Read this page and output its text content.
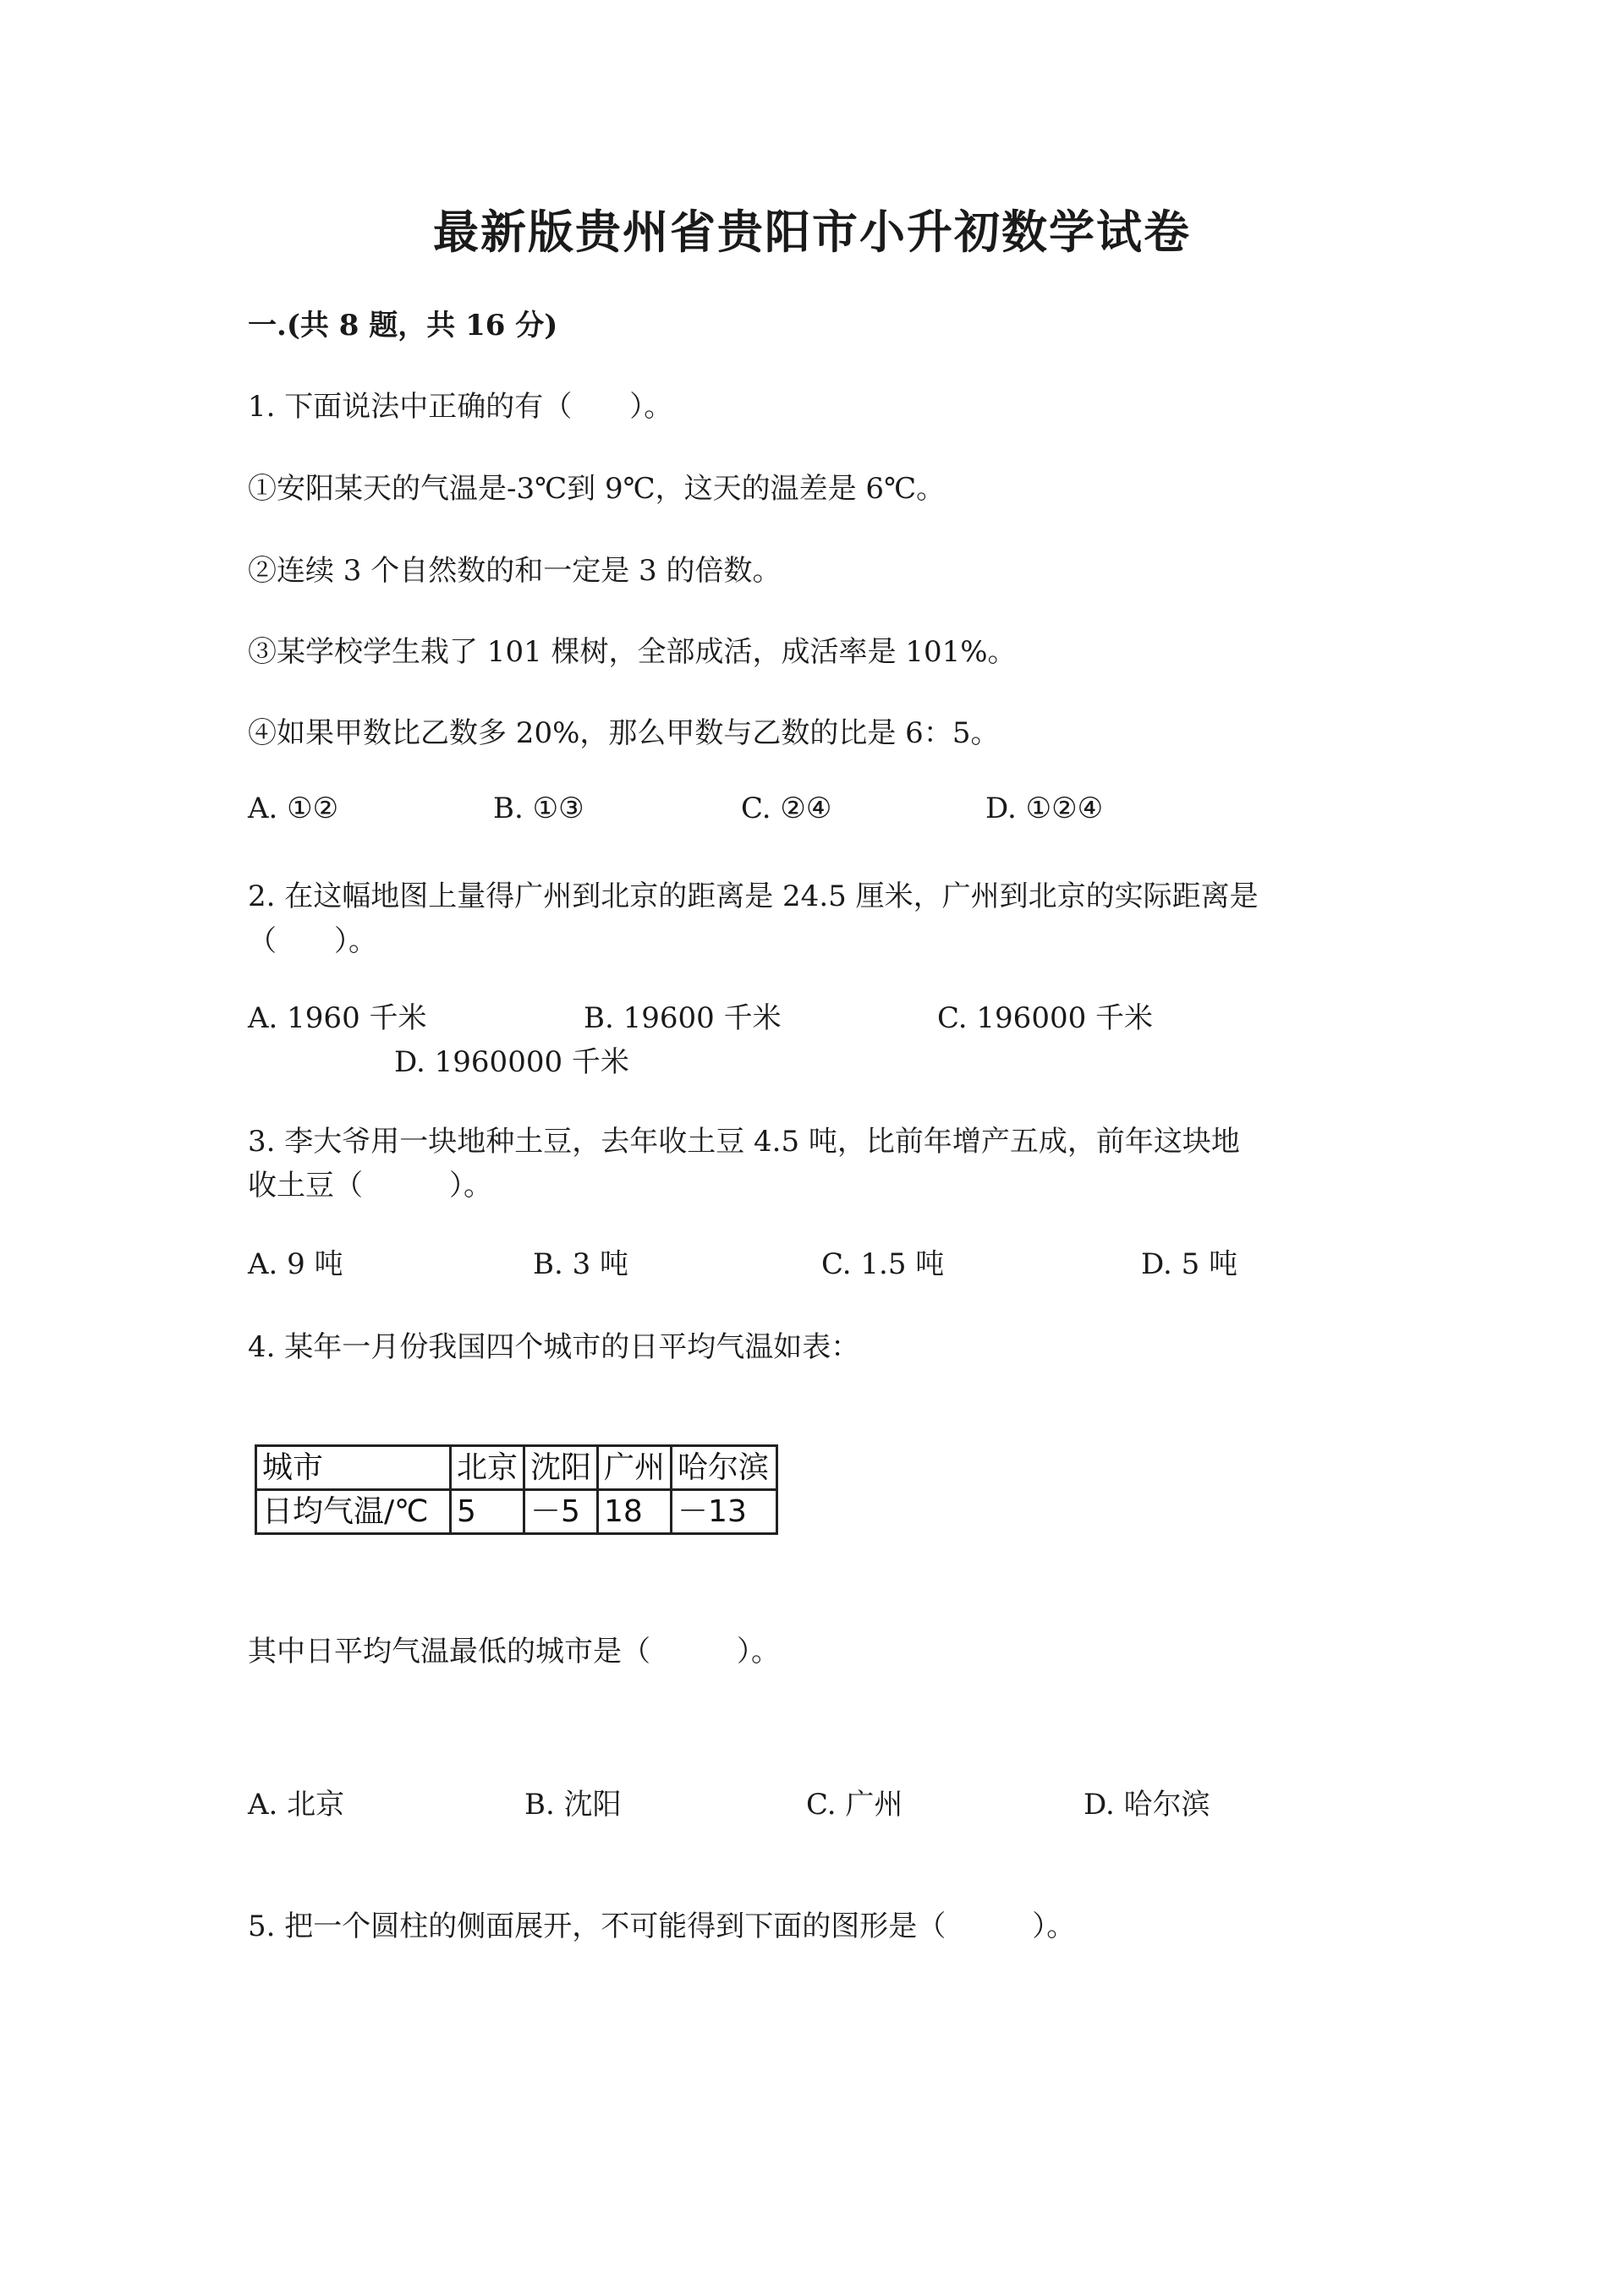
最新版贵州省贵阳市小升初数学试卷
一.(共 8 题，共 16 分)
1. 下面说法中正确的有（　　）。
①安阳某天的气温是-3℃到 9℃，这天的温差是 6℃。
②连续 3 个自然数的和一定是 3 的倍数。
③某学校学生栽了 101 棵树，全部成活，成活率是 101%。
④如果甲数比乙数多 20%，那么甲数与乙数的比是 6：5。
A. ①②	B. ①③	C. ②④	D. ①②④
2. 在这幅地图上量得广州到北京的距离是 24.5 厘米，广州到北京的实际距离是
（　　）。
A. 1960 千米	B. 19600 千米	C. 196000 千米
D. 1960000 千米
3. 李大爷用一块地种土豆，去年收土豆 4.5 吨，比前年增产五成，前年这块地
收土豆（　　　）。
A. 9 吨	B. 3 吨	C. 1.5 吨	D. 5 吨
4. 某年一月份我国四个城市的日平均气温如表：
城市	北京	沈阳	广州	哈尔滨
日均气温/℃	5	－5	18	－13
其中日平均气温最低的城市是（　　　）。
A. 北京	B. 沈阳	C. 广州	D. 哈尔滨
5. 把一个圆柱的侧面展开，不可能得到下面的图形是（　　　）。
